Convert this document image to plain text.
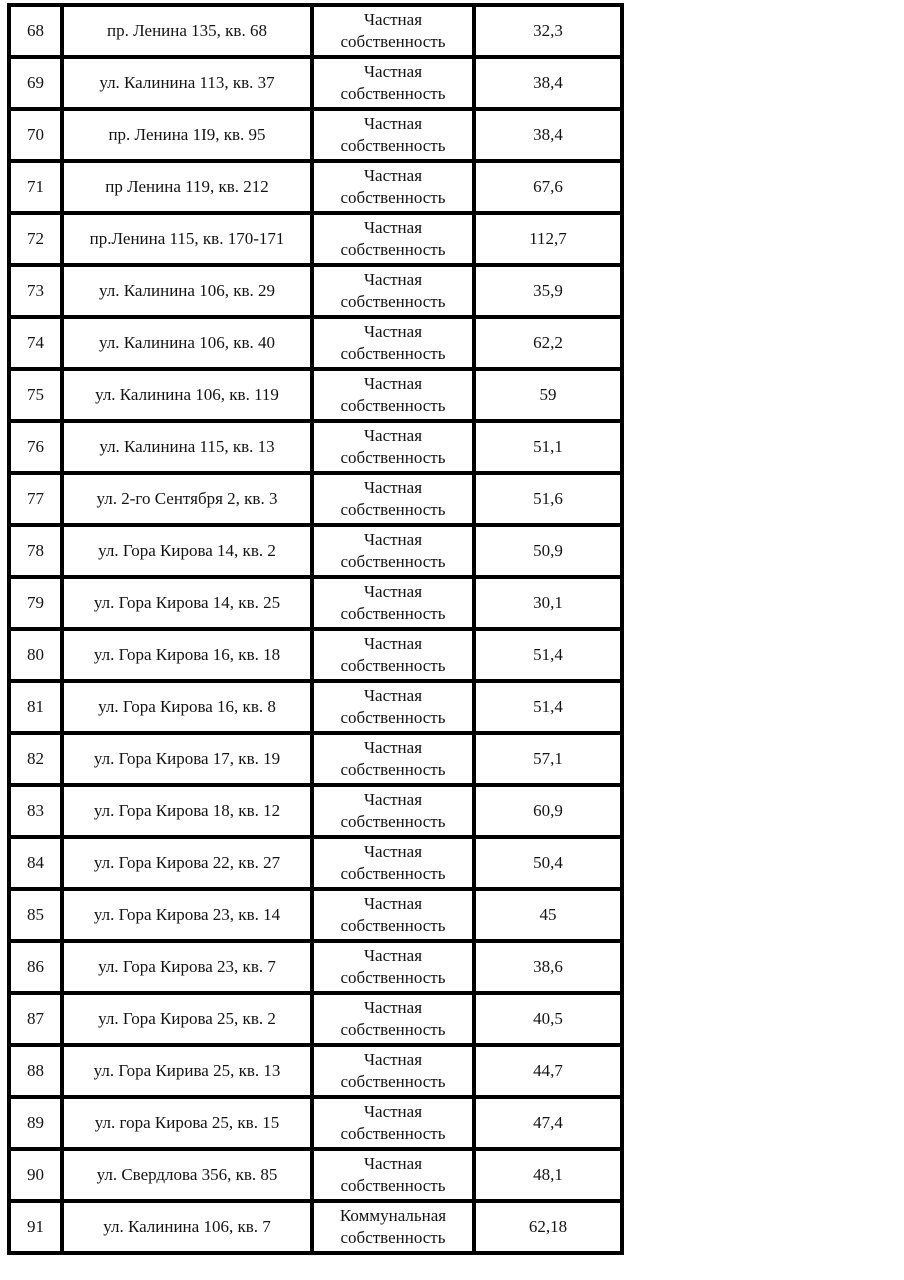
68	пр. Ленина 135, кв. 68	Частная собственность	32,3
69	ул. Калинина 113, кв. 37	Частная собственность	38,4
70	пр. Ленина 1I9, кв. 95	Частная собственность	38,4
71	пр Ленина 119, кв. 212	Частная собственность	67,6
72	пр.Ленина 115, кв. 170-171	Частная собственность	112,7
73	ул. Калинина 106, кв. 29	Частная собственность	35,9
74	ул. Калинина 106, кв. 40	Частная собственность	62,2
75	ул. Калинина 106, кв. 119	Частная собственность	59
76	ул. Калинина 115, кв. 13	Частная собственность	51,1
77	ул. 2-го Сентября 2, кв. 3	Частная собственность	51,6
78	ул. Гора Кирова 14, кв. 2	Частная собственность	50,9
79	ул. Гора Кирова 14, кв. 25	Частная собственность	30,1
80	ул. Гора Кирова 16, кв. 18	Частная собственность	51,4
81	ул. Гора Кирова 16, кв. 8	Частная собственность	51,4
82	ул. Гора Кирова 17, кв. 19	Частная собственность	57,1
83	ул. Гора Кирова 18, кв. 12	Частная собственность	60,9
84	ул. Гора Кирова 22, кв. 27	Частная собственность	50,4
85	ул. Гора Кирова 23, кв. 14	Частная собственность	45
86	ул. Гора Кирова 23, кв. 7	Частная собственность	38,6
87	ул. Гора Кирова 25, кв. 2	Частная собственность	40,5
88	ул. Гора Кирива 25, кв. 13	Частная собственность	44,7
89	ул. гора Кирова 25, кв. 15	Частная собственность	47,4
90	ул. Свердлова 356, кв. 85	Частная собственность	48,1
91	ул. Калинина 106, кв. 7	Коммунальная собственность	62,18
